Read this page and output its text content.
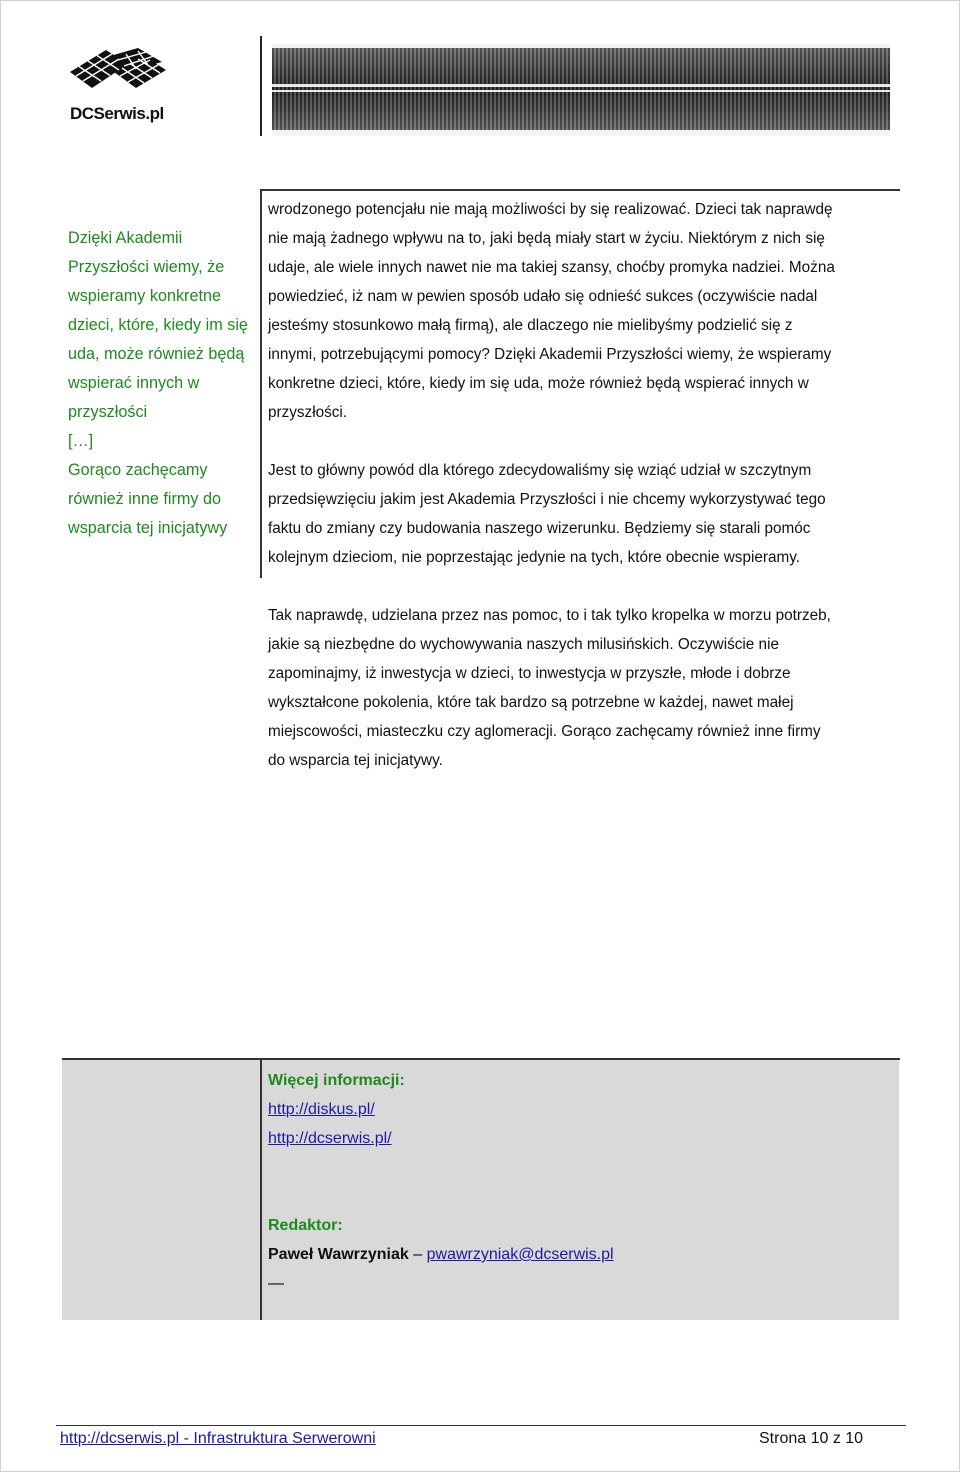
DCSerwis.pl
Dzięki Akademii
Przyszłości wiemy, że
wspieramy konkretne
dzieci, które, kiedy im się
uda, może również będą
wspierać innych w
przyszłości
[…]
Gorąco zachęcamy
również inne firmy do
wsparcia tej inicjatywy

wrodzonego potencjału nie mają możliwości by się realizować. Dzieci tak naprawdę

nie mają żadnego wpływu na to, jaki będą miały start w życiu. Niektórym z nich się

udaje, ale wiele innych nawet nie ma takiej szansy, choćby promyka nadziei. Można

powiedzieć, iż nam w pewien sposób udało się odnieść sukces (oczywiście nadal

jesteśmy stosunkowo małą firmą), ale dlaczego nie mielibyśmy podzielić się z

innymi, potrzebującymi pomocy? Dzięki Akademii Przyszłości wiemy, że wspieramy

konkretne dzieci, które, kiedy im się uda, może również będą wspierać innych w

przyszłości.

Jest to główny powód dla którego zdecydowaliśmy się wziąć udział w szczytnym

przedsięwzięciu jakim jest Akademia Przyszłości i nie chcemy wykorzystywać tego

faktu do zmiany czy budowania naszego wizerunku. Będziemy się starali pomóc

kolejnym dzieciom, nie poprzestając jedynie na tych, które obecnie wspieramy.

Tak naprawdę, udzielana przez nas pomoc, to i tak tylko kropelka w morzu potrzeb,

jakie są niezbędne do wychowywania naszych milusińskich. Oczywiście nie

zapominajmy, iż inwestycja w dzieci, to inwestycja w przyszłe, młode i dobrze

wykształcone pokolenia, które tak bardzo są potrzebne w każdej, nawet małej

miejscowości, miasteczku czy aglomeracji. Gorąco zachęcamy również inne firmy

do wsparcia tej inicjatywy.

Więcej informacji:
http://diskus.pl/
http://dcserwis.pl/
Redaktor:
Paweł Wawrzyniak – pwawrzyniak@dcserwis.pl
—
http://dcserwis.pl - Infrastruktura Serwerowni	Strona 10 z 10
